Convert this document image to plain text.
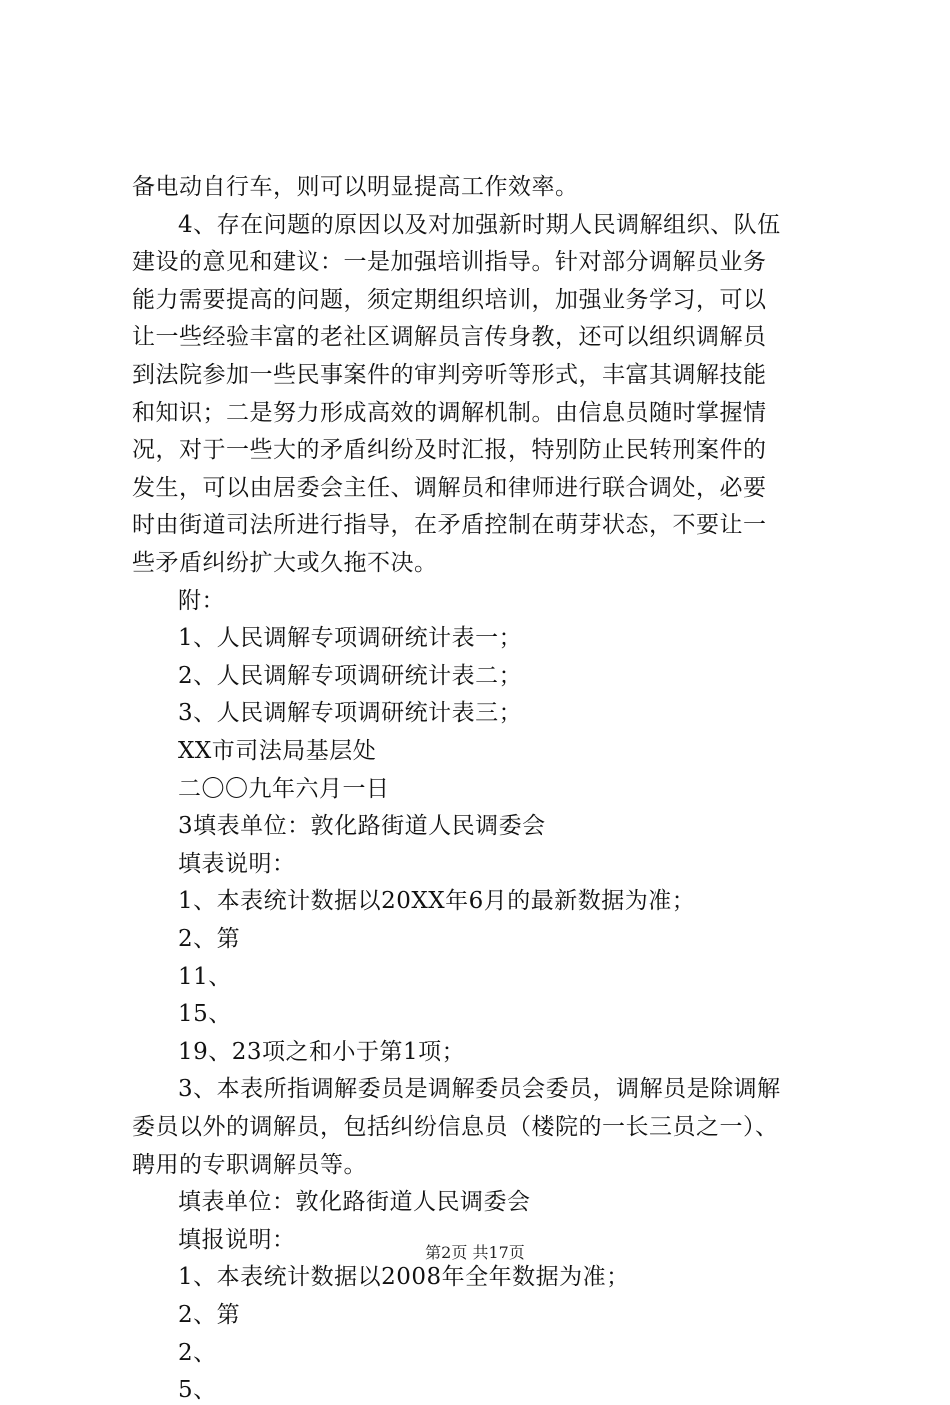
备电动自行车，则可以明显提高工作效率。
4、存在问题的原因以及对加强新时期人民调解组织、队伍
建设的意见和建议：一是加强培训指导。针对部分调解员业务
能力需要提高的问题，须定期组织培训，加强业务学习，可以
让一些经验丰富的老社区调解员言传身教，还可以组织调解员
到法院参加一些民事案件的审判旁听等形式，丰富其调解技能
和知识；二是努力形成高效的调解机制。由信息员随时掌握情
况，对于一些大的矛盾纠纷及时汇报，特别防止民转刑案件的
发生，可以由居委会主任、调解员和律师进行联合调处，必要
时由街道司法所进行指导，在矛盾控制在萌芽状态，不要让一
些矛盾纠纷扩大或久拖不决。
附：
1、人民调解专项调研统计表一；
2、人民调解专项调研统计表二；
3、人民调解专项调研统计表三；
XX市司法局基层处
二〇〇九年六月一日
3填表单位：敦化路街道人民调委会
填表说明：
1、本表统计数据以20XX年6月的最新数据为准；
2、第
11、
15、
19、23项之和小于第1项；
3、本表所指调解委员是调解委员会委员，调解员是除调解
委员以外的调解员，包括纠纷信息员（楼院的一长三员之一）、
聘用的专职调解员等。
填表单位：敦化路街道人民调委会
填报说明：
1、本表统计数据以2008年全年数据为准；
2、第
2、
5、
第2页 共17页
